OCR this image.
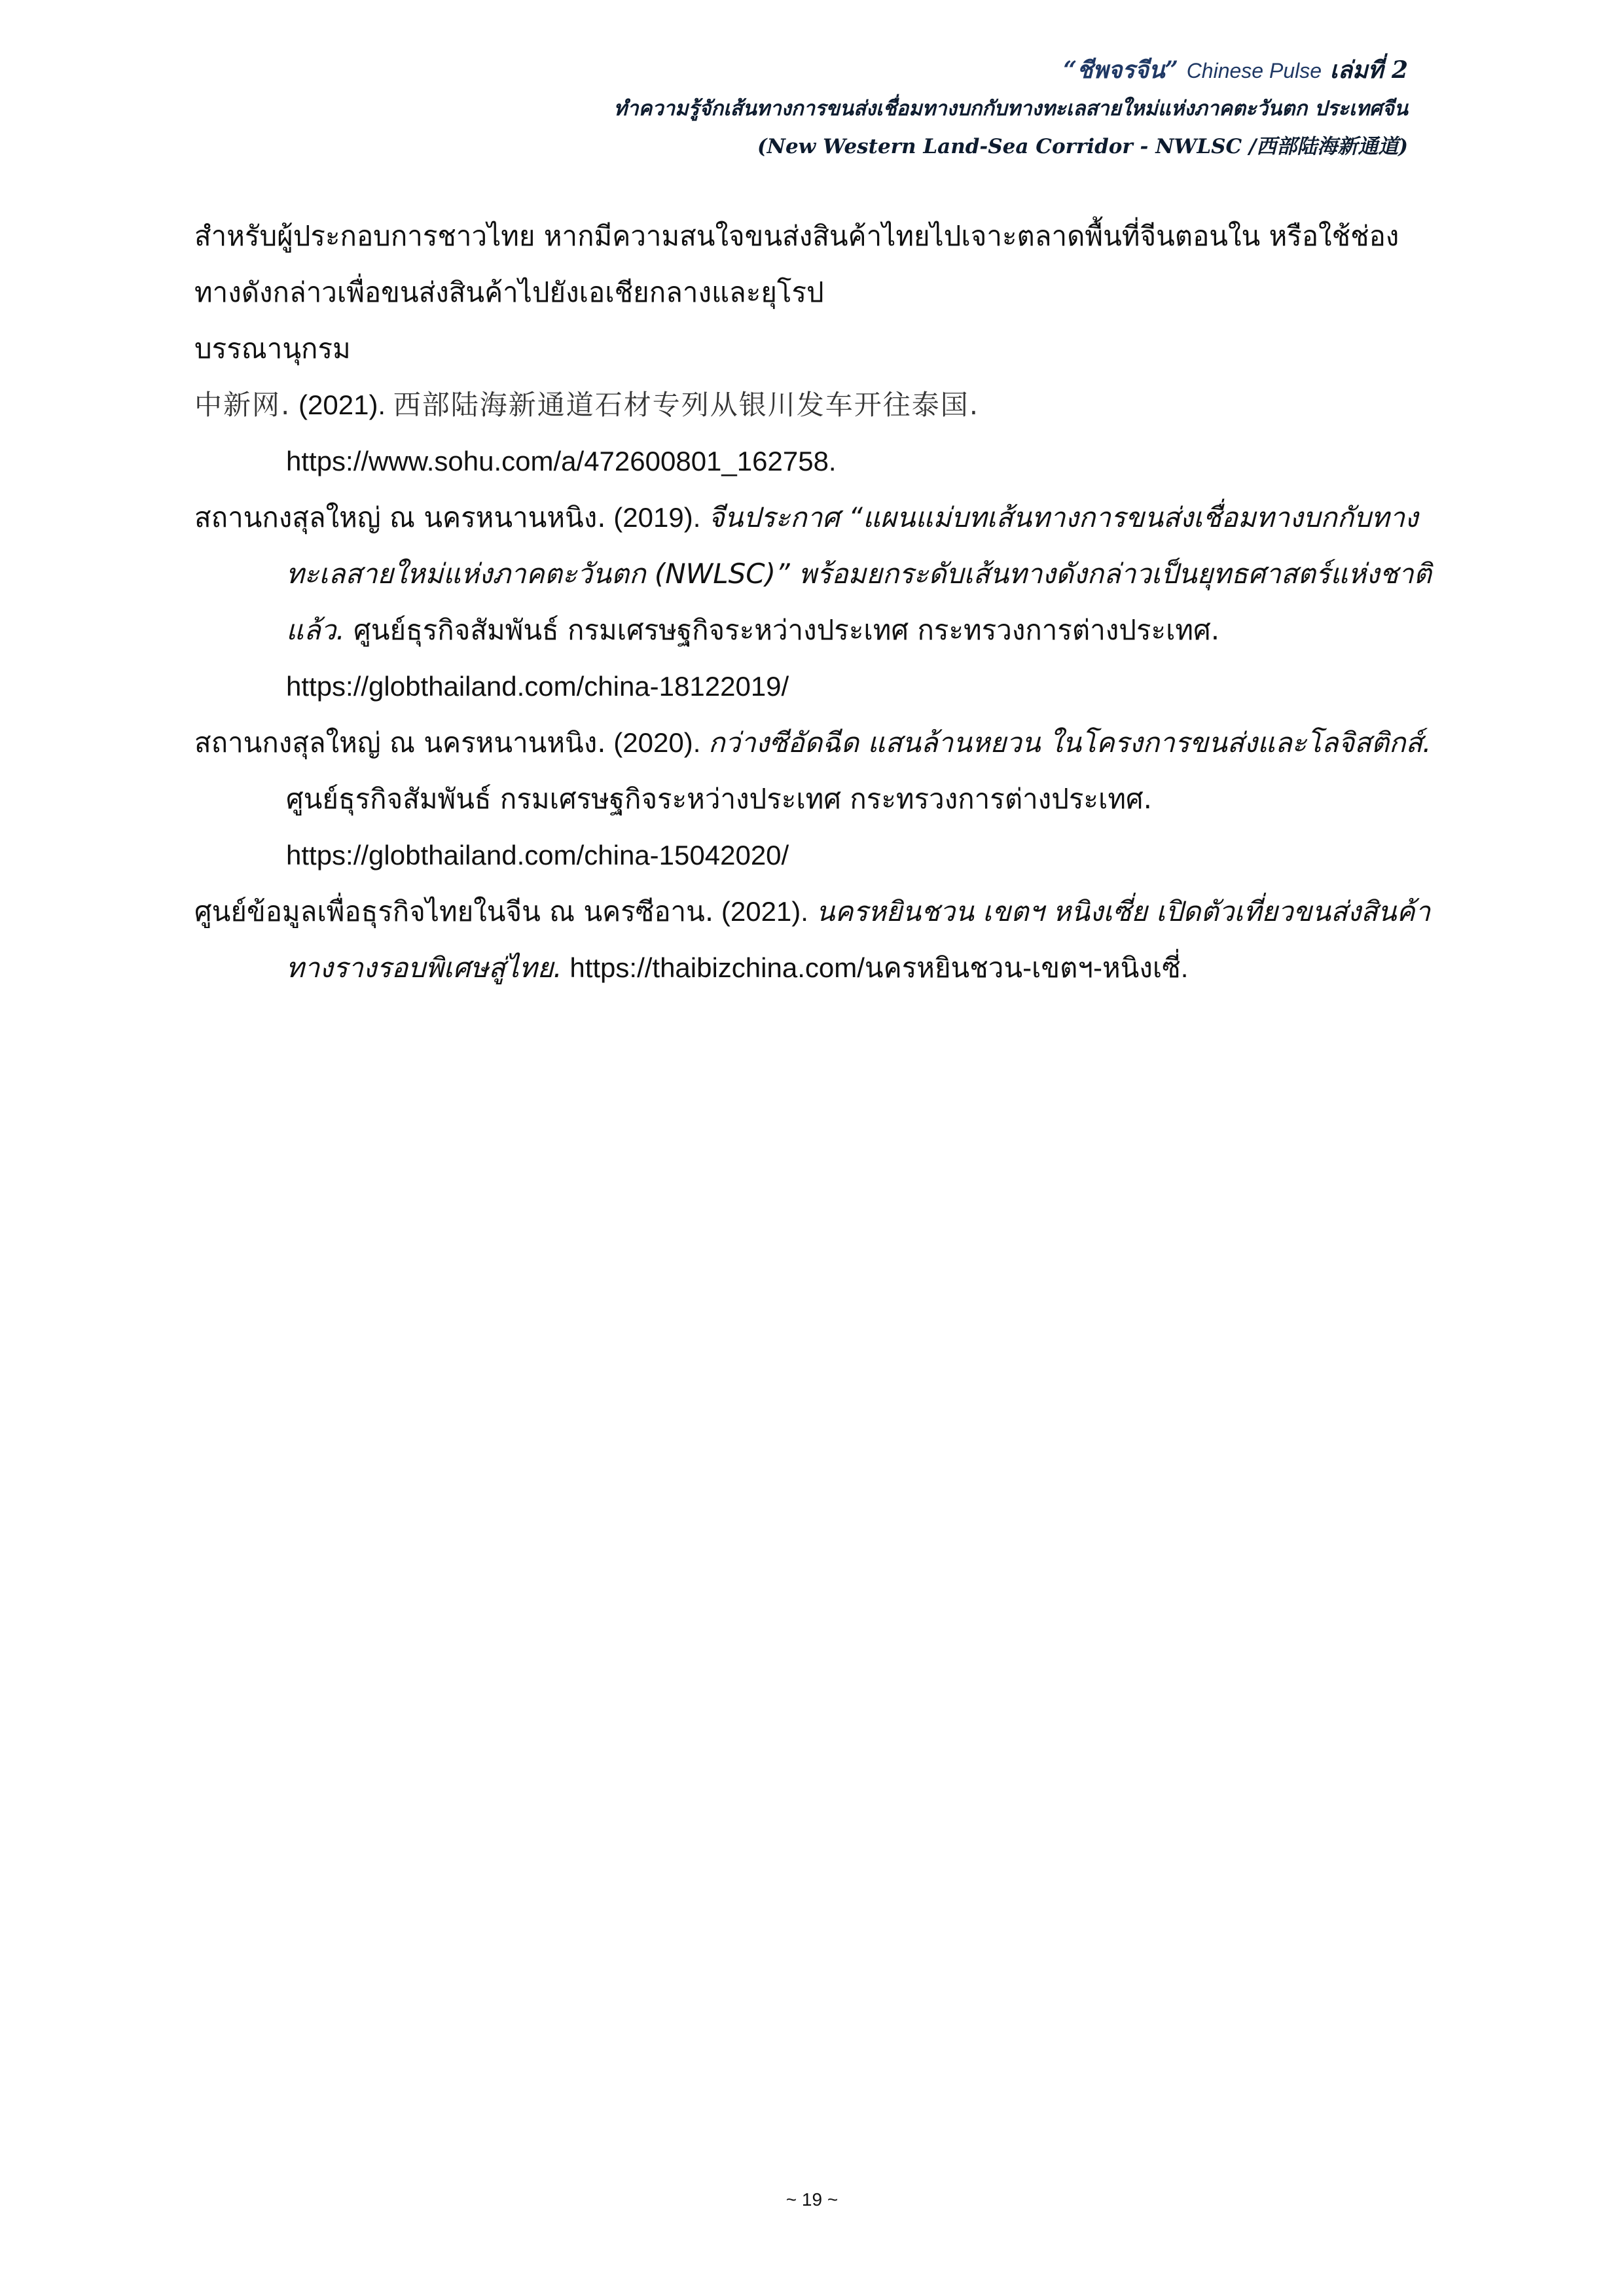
“ชีพจรจีน” Chinese Pulse เล่มที่ 2
ทำความรู้จักเส้นทางการขนส่งเชื่อมทางบกกับทางทะเลสายใหม่แห่งภาคตะวันตก ประเทศจีน
(New Western Land-Sea Corridor - NWLSC /西部陆海新通道)

สำหรับผู้ประกอบการชาวไทย หากมีความสนใจขนส่งสินค้าไทยไปเจาะตลาดพื้นที่จีนตอนใน หรือใช้ช่องทางดังกล่าวเพื่อขนส่งสินค้าไปยังเอเชียกลางและยุโรป

บรรณานุกรม

中新网. (2021). 西部陆海新通道石材专列从银川发车开往泰国.
https://www.sohu.com/a/472600801_162758.

สถานกงสุลใหญ่ ณ นครหนานหนิง. (2019). จีนประกาศ “แผนแม่บทเส้นทางการขนส่งเชื่อมทางบกกับทางทะเลสายใหม่แห่งภาคตะวันตก (NWLSC)” พร้อมยกระดับเส้นทางดังกล่าวเป็นยุทธศาสตร์แห่งชาติแล้ว. ศูนย์ธุรกิจสัมพันธ์ กรมเศรษฐกิจระหว่างประเทศ กระทรวงการต่างประเทศ.
https://globthailand.com/china-18122019/

สถานกงสุลใหญ่ ณ นครหนานหนิง. (2020). กว่างซีอัดฉีด แสนล้านหยวน ในโครงการขนส่งและโลจิสติกส์. ศูนย์ธุรกิจสัมพันธ์ กรมเศรษฐกิจระหว่างประเทศ กระทรวงการต่างประเทศ.
https://globthailand.com/china-15042020/

ศูนย์ข้อมูลเพื่อธุรกิจไทยในจีน ณ นครซีอาน. (2021). นครหยินชวน เขตฯ หนิงเซี่ย เปิดตัวเที่ยวขนส่งสินค้าทางรางรอบพิเศษสู่ไทย. https://thaibizchina.com/นครหยินชวน-เขตฯ-หนิงเซี่.

~ 19 ~
